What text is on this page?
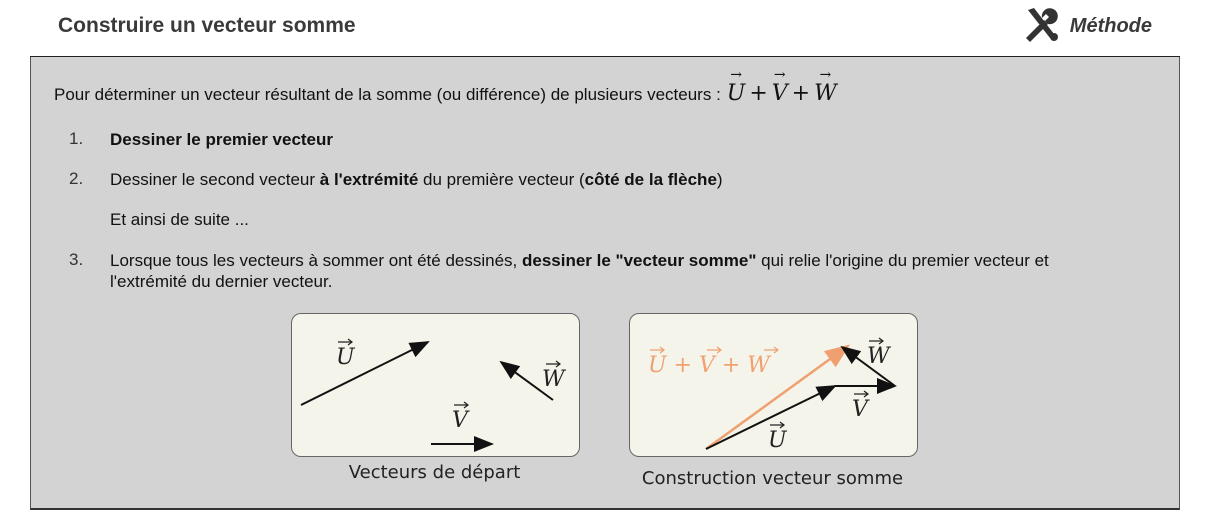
Construire un vecteur somme	Méthode
Pour déterminer un vecteur résultant de la somme (ou différence) de plusieurs vecteurs : → U + → V + → W
1.	Dessiner le premier vecteur
2.	Dessiner le second vecteur à l'extrémité du première vecteur (côté de la flèche)
Et ainsi de suite ...
3.	Lorsque tous les vecteurs à sommer ont été dessinés, dessiner le "vecteur somme" qui relie l'origine du premier vecteur et l'extrémité du dernier vecteur.
U
V
W
Vecteurs de départ
U
V
W
U + V + W
Construction vecteur somme
